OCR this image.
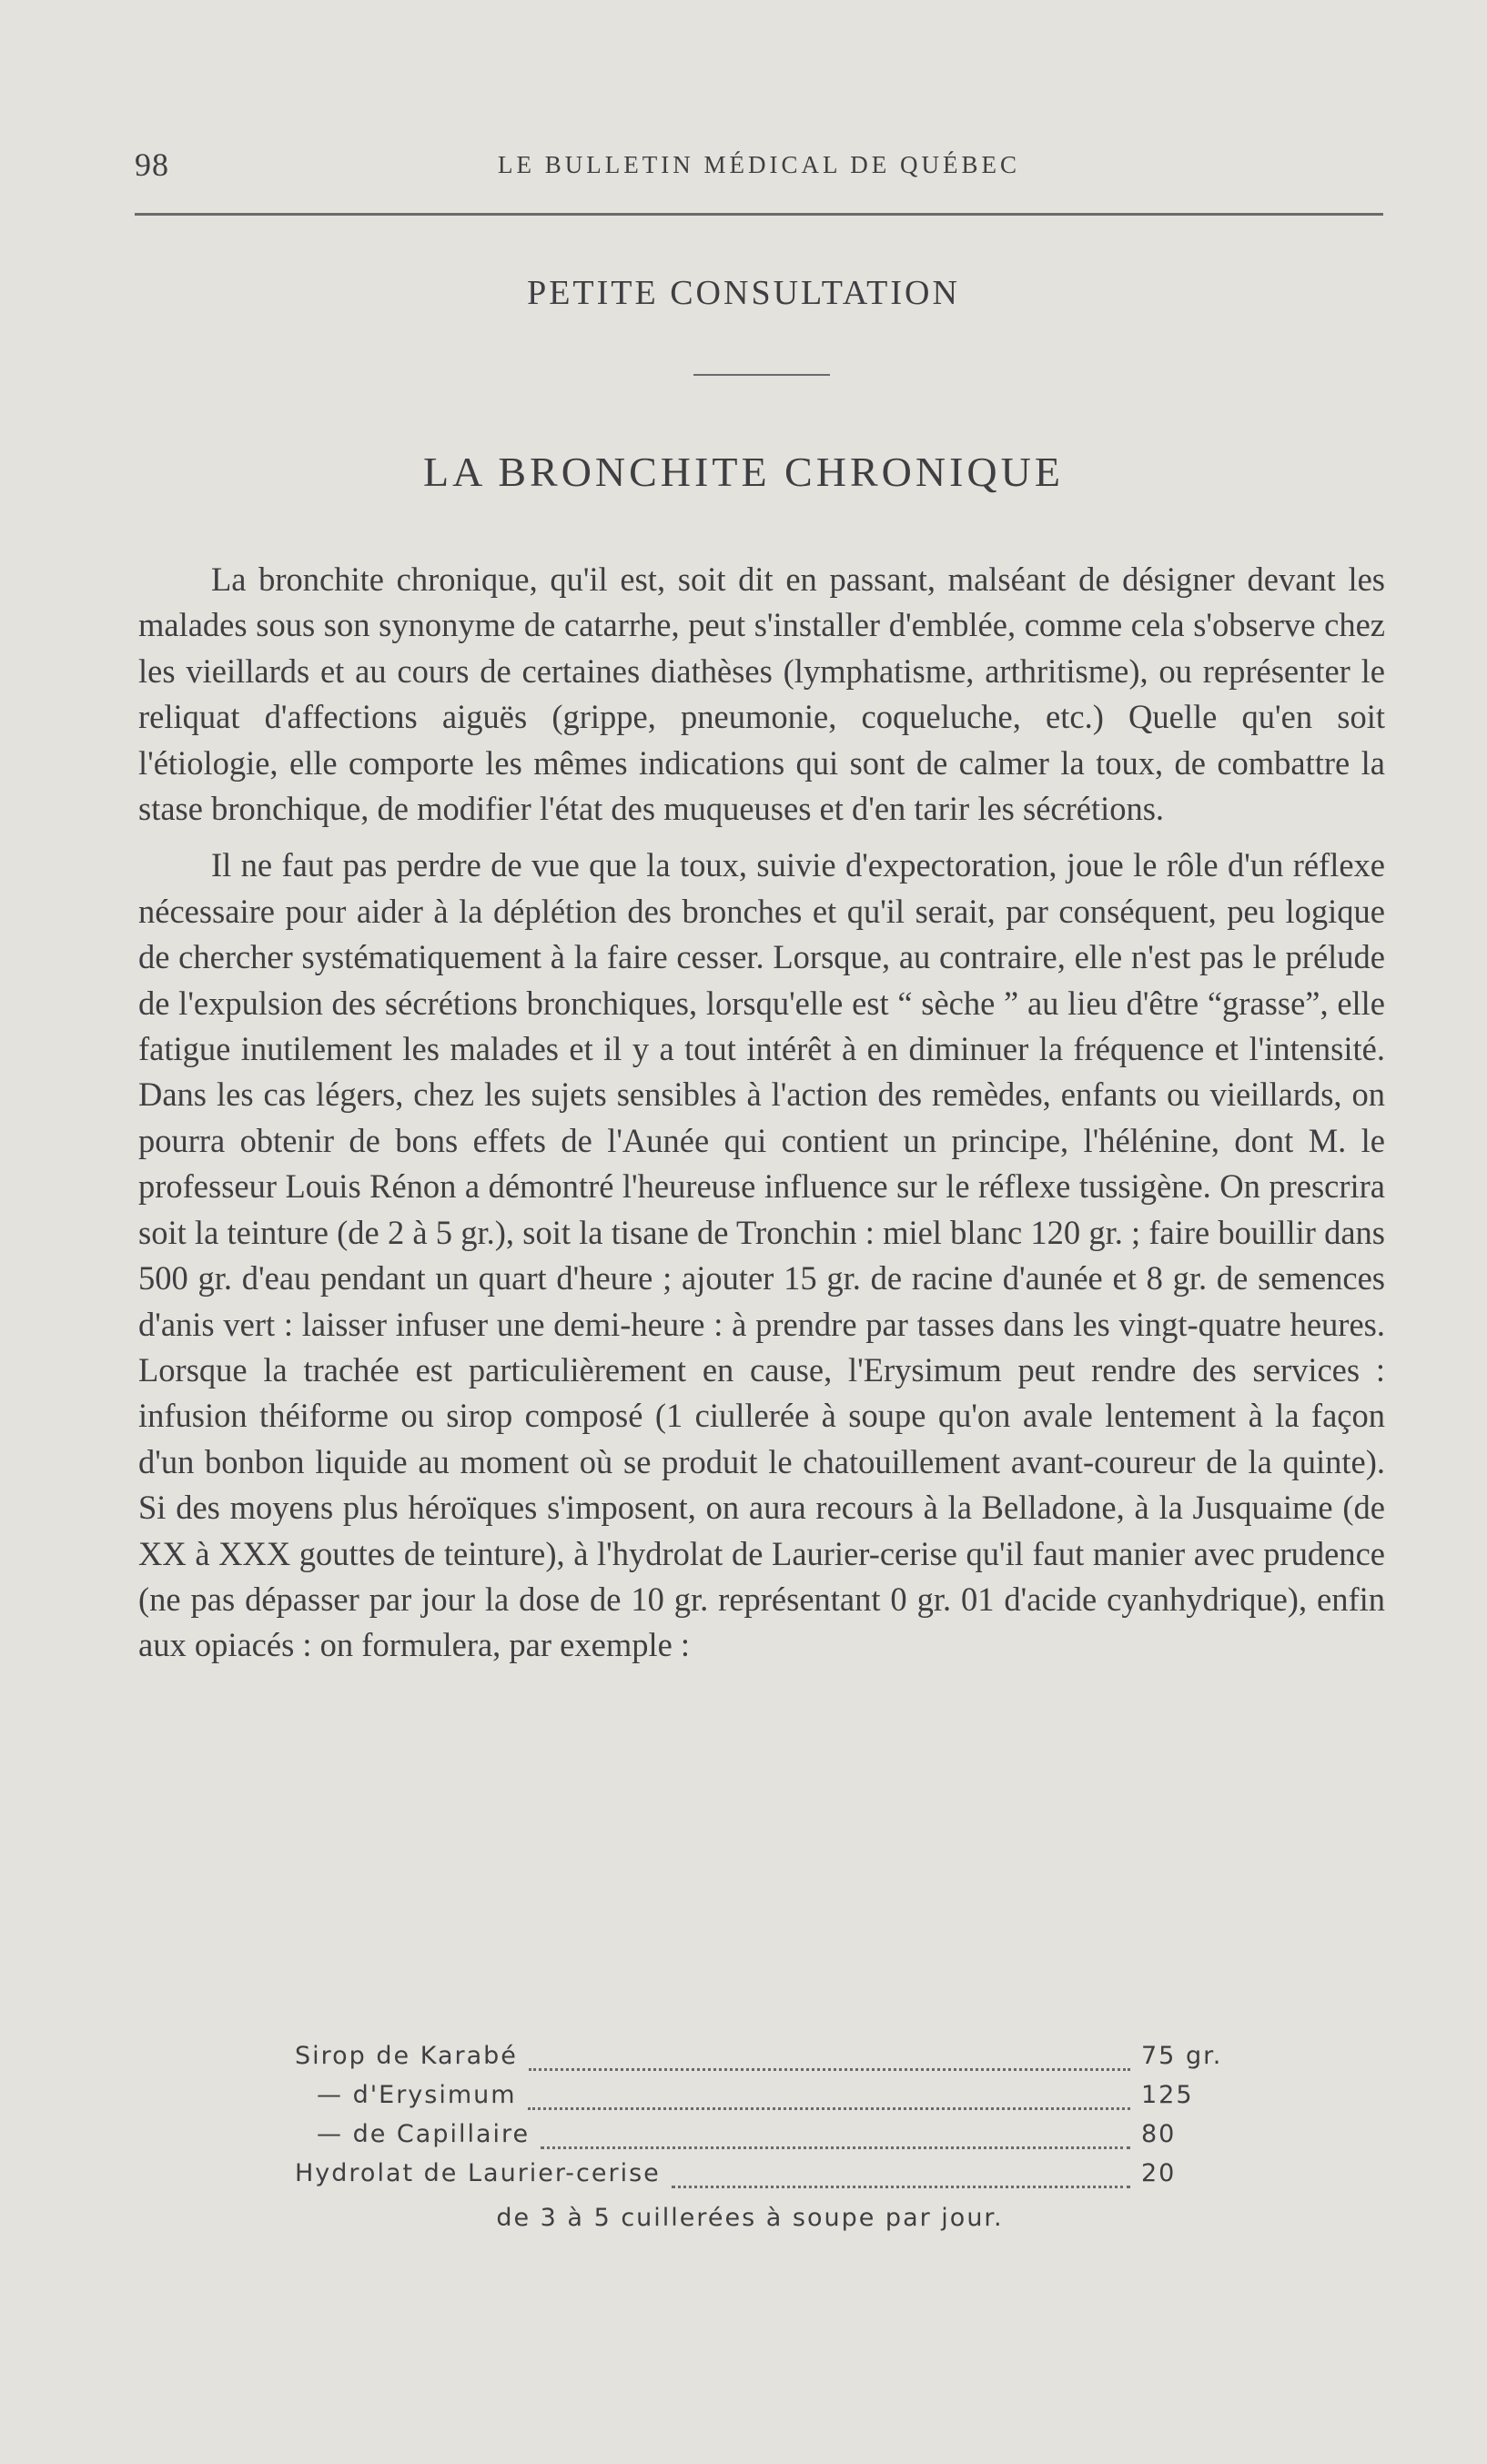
98	LE BULLETIN MÉDICAL DE QUÉBEC
PETITE CONSULTATION
LA BRONCHITE CHRONIQUE

La bronchite chronique, qu'il est, soit dit en passant, malséant de désigner devant les malades sous son synonyme de catarrhe, peut s'installer d'emblée, comme cela s'observe chez les vieillards et au cours de certaines diathèses (lymphatisme, arthritisme), ou représenter le reliquat d'affections aiguës (grippe, pneumonie, coqueluche, etc.) Quelle qu'en soit l'étiologie, elle comporte les mêmes indications qui sont de calmer la toux, de combattre la stase bronchique, de modifier l'état des muqueuses et d'en tarir les sécrétions.

Il ne faut pas perdre de vue que la toux, suivie d'expectoration, joue le rôle d'un réflexe nécessaire pour aider à la déplétion des bronches et qu'il serait, par conséquent, peu logique de chercher systématiquement à la faire cesser. Lorsque, au contraire, elle n'est pas le prélude de l'expulsion des sécrétions bronchiques, lorsqu'elle est “ sèche ” au lieu d'être “grasse”, elle fatigue inutilement les malades et il y a tout intérêt à en diminuer la fréquence et l'intensité. Dans les cas légers, chez les sujets sensibles à l'action des remèdes, enfants ou vieillards, on pourra obtenir de bons effets de l'Aunée qui contient un principe, l'hélénine, dont M. le professeur Louis Rénon a démontré l'heureuse influence sur le réflexe tussigène. On prescrira soit la teinture (de 2 à 5 gr.), soit la tisane de Tronchin : miel blanc 120 gr. ; faire bouillir dans 500 gr. d'eau pendant un quart d'heure ; ajouter 15 gr. de racine d'aunée et 8 gr. de semences d'anis vert : laisser infuser une demi-heure : à prendre par tasses dans les vingt-quatre heures. Lorsque la trachée est particulièrement en cause, l'Erysimum peut rendre des services : infusion théiforme ou sirop composé (1 ciullerée à soupe qu'on avale lentement à la façon d'un bonbon liquide au moment où se produit le chatouillement avant-coureur de la quinte). Si des moyens plus héroïques s'imposent, on aura recours à la Belladone, à la Jusquaime (de XX à XXX gouttes de teinture), à l'hydrolat de Laurier-cerise qu'il faut manier avec prudence (ne pas dépasser par jour la dose de 10 gr. représentant 0 gr. 01 d'acide cyanhydrique), enfin aux opiacés : on formulera, par exemple :

Sirop de Karabé	75 gr.
— d'Erysimum	125
— de Capillaire	80
Hydrolat de Laurier-cerise	20
de 3 à 5 cuillerées à soupe par jour.
